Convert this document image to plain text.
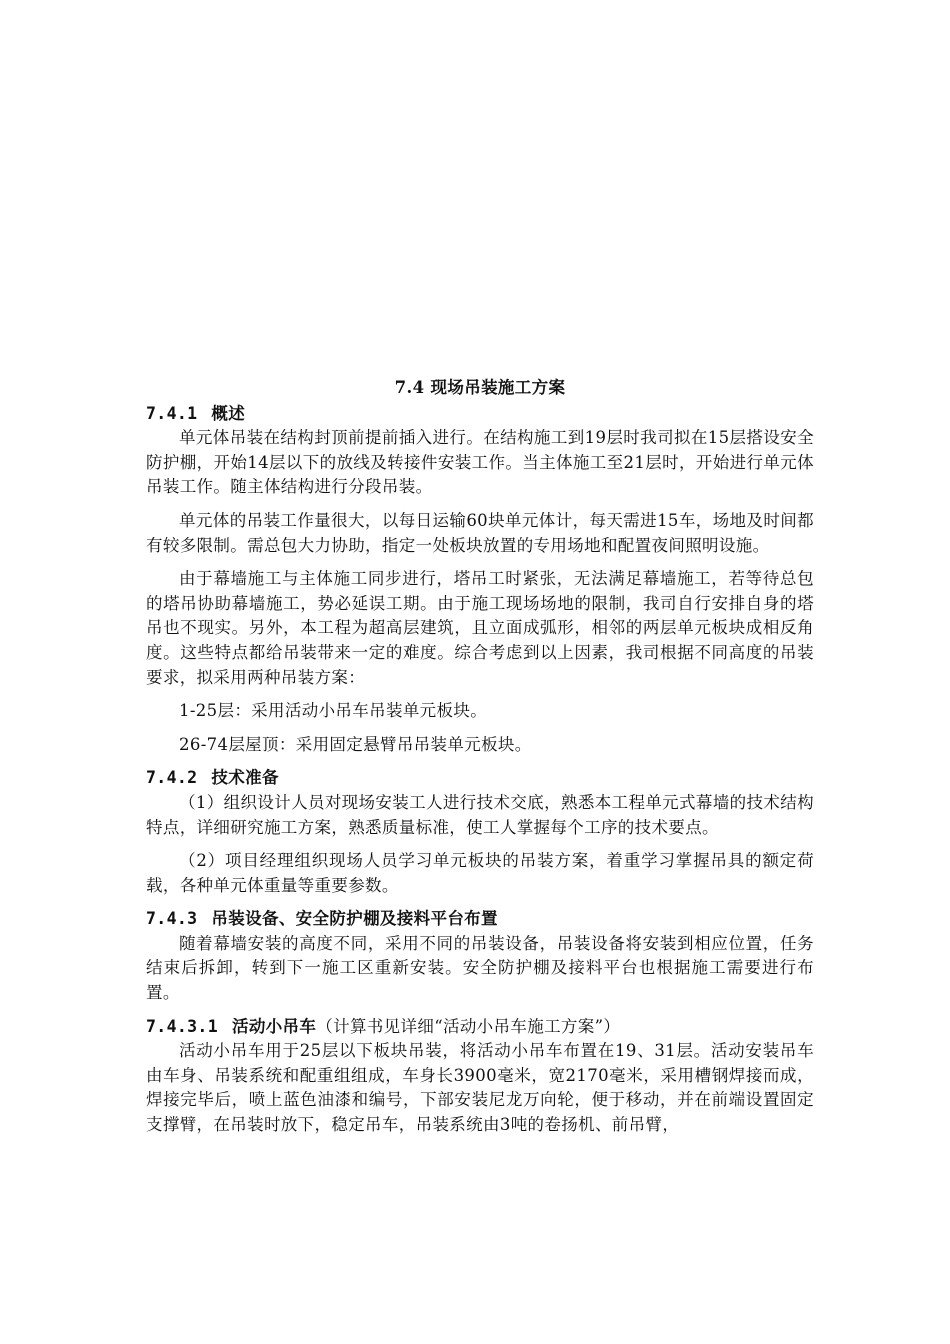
7.4 现场吊装施工方案
7.4.1 概述

单元体吊装在结构封顶前提前插入进行。在结构施工到19层时我司拟在15层搭设安全防护棚，开始14层以下的放线及转接件安装工作。当主体施工至21层时，开始进行单元体吊装工作。随主体结构进行分段吊装。

单元体的吊装工作量很大，以每日运输60块单元体计，每天需进15车，场地及时间都有较多限制。需总包大力协助，指定一处板块放置的专用场地和配置夜间照明设施。

由于幕墙施工与主体施工同步进行，塔吊工时紧张，无法满足幕墙施工，若等待总包的塔吊协助幕墙施工，势必延误工期。由于施工现场场地的限制，我司自行安排自身的塔吊也不现实。另外，本工程为超高层建筑，且立面成弧形，相邻的两层单元板块成相反角度。这些特点都给吊装带来一定的难度。综合考虑到以上因素，我司根据不同高度的吊装要求，拟采用两种吊装方案：

1-25层：采用活动小吊车吊装单元板块。

26-74层屋顶：采用固定悬臂吊吊装单元板块。

7.4.2 技术准备

（1）组织设计人员对现场安装工人进行技术交底，熟悉本工程单元式幕墙的技术结构特点，详细研究施工方案，熟悉质量标准，使工人掌握每个工序的技术要点。

（2）项目经理组织现场人员学习单元板块的吊装方案，着重学习掌握吊具的额定荷载，各种单元体重量等重要参数。

7.4.3 吊装设备、安全防护棚及接料平台布置

随着幕墙安装的高度不同，采用不同的吊装设备，吊装设备将安装到相应位置，任务结束后拆卸，转到下一施工区重新安装。安全防护棚及接料平台也根据施工需要进行布置。

7.4.3.1 活动小吊车（计算书见详细“活动小吊车施工方案”）

活动小吊车用于25层以下板块吊装，将活动小吊车布置在19、31层。活动安装吊车由车身、吊装系统和配重组组成，车身长3900毫米，宽2170毫米，采用槽钢焊接而成，焊接完毕后，喷上蓝色油漆和编号，下部安装尼龙万向轮，便于移动，并在前端设置固定支撑臂，在吊装时放下，稳定吊车，吊装系统由3吨的卷扬机、前吊臂，
